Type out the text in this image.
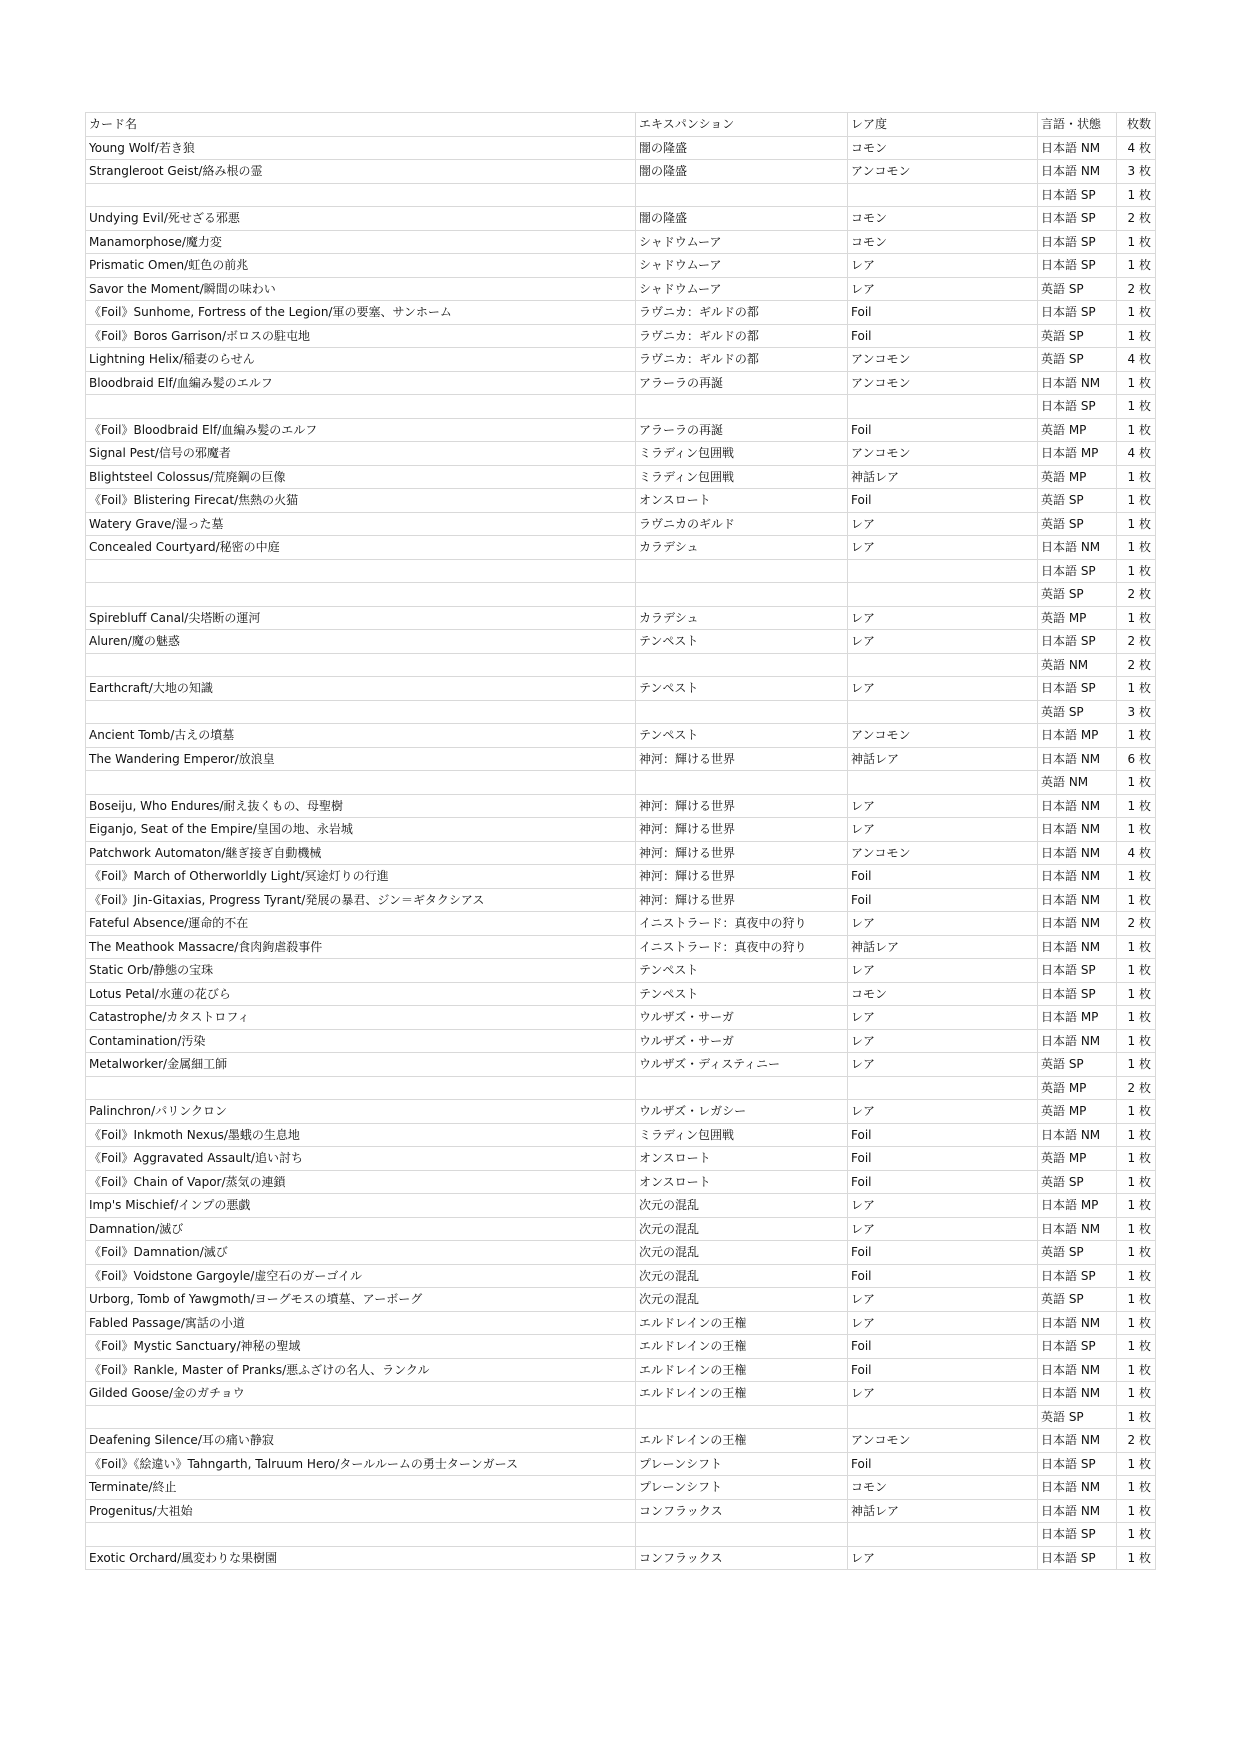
カード名	エキスパンション	レア度	言語・状態	枚数
Young Wolf/若き狼	闇の隆盛	コモン	日本語 NM	4 枚
Strangleroot Geist/絡み根の霊	闇の隆盛	アンコモン	日本語 NM	3 枚
			日本語 SP	1 枚
Undying Evil/死せざる邪悪	闇の隆盛	コモン	日本語 SP	2 枚
Manamorphose/魔力変	シャドウムーア	コモン	日本語 SP	1 枚
Prismatic Omen/虹色の前兆	シャドウムーア	レア	日本語 SP	1 枚
Savor the Moment/瞬間の味わい	シャドウムーア	レア	英語 SP	2 枚
《Foil》Sunhome, Fortress of the Legion/軍の要塞、サンホーム	ラヴニカ：ギルドの都	Foil	日本語 SP	1 枚
《Foil》Boros Garrison/ボロスの駐屯地	ラヴニカ：ギルドの都	Foil	英語 SP	1 枚
Lightning Helix/稲妻のらせん	ラヴニカ：ギルドの都	アンコモン	英語 SP	4 枚
Bloodbraid Elf/血編み髪のエルフ	アラーラの再誕	アンコモン	日本語 NM	1 枚
			日本語 SP	1 枚
《Foil》Bloodbraid Elf/血編み髪のエルフ	アラーラの再誕	Foil	英語 MP	1 枚
Signal Pest/信号の邪魔者	ミラディン包囲戦	アンコモン	日本語 MP	4 枚
Blightsteel Colossus/荒廃鋼の巨像	ミラディン包囲戦	神話レア	英語 MP	1 枚
《Foil》Blistering Firecat/焦熱の火猫	オンスロート	Foil	英語 SP	1 枚
Watery Grave/湿った墓	ラヴニカのギルド	レア	英語 SP	1 枚
Concealed Courtyard/秘密の中庭	カラデシュ	レア	日本語 NM	1 枚
			日本語 SP	1 枚
			英語 SP	2 枚
Spirebluff Canal/尖塔断の運河	カラデシュ	レア	英語 MP	1 枚
Aluren/魔の魅惑	テンペスト	レア	日本語 SP	2 枚
			英語 NM	2 枚
Earthcraft/大地の知識	テンペスト	レア	日本語 SP	1 枚
			英語 SP	3 枚
Ancient Tomb/古えの墳墓	テンペスト	アンコモン	日本語 MP	1 枚
The Wandering Emperor/放浪皇	神河：輝ける世界	神話レア	日本語 NM	6 枚
			英語 NM	1 枚
Boseiju, Who Endures/耐え抜くもの、母聖樹	神河：輝ける世界	レア	日本語 NM	1 枚
Eiganjo, Seat of the Empire/皇国の地、永岩城	神河：輝ける世界	レア	日本語 NM	1 枚
Patchwork Automaton/継ぎ接ぎ自動機械	神河：輝ける世界	アンコモン	日本語 NM	4 枚
《Foil》March of Otherworldly Light/冥途灯りの行進	神河：輝ける世界	Foil	日本語 NM	1 枚
《Foil》Jin-Gitaxias, Progress Tyrant/発展の暴君、ジン＝ギタクシアス	神河：輝ける世界	Foil	日本語 NM	1 枚
Fateful Absence/運命的不在	イニストラード：真夜中の狩り	レア	日本語 NM	2 枚
The Meathook Massacre/食肉鉤虐殺事件	イニストラード：真夜中の狩り	神話レア	日本語 NM	1 枚
Static Orb/静態の宝珠	テンペスト	レア	日本語 SP	1 枚
Lotus Petal/水蓮の花びら	テンペスト	コモン	日本語 SP	1 枚
Catastrophe/カタストロフィ	ウルザズ・サーガ	レア	日本語 MP	1 枚
Contamination/汚染	ウルザズ・サーガ	レア	日本語 NM	1 枚
Metalworker/金属細工師	ウルザズ・ディスティニー	レア	英語 SP	1 枚
			英語 MP	2 枚
Palinchron/パリンクロン	ウルザズ・レガシー	レア	英語 MP	1 枚
《Foil》Inkmoth Nexus/墨蛾の生息地	ミラディン包囲戦	Foil	日本語 NM	1 枚
《Foil》Aggravated Assault/追い討ち	オンスロート	Foil	英語 MP	1 枚
《Foil》Chain of Vapor/蒸気の連鎖	オンスロート	Foil	英語 SP	1 枚
Imp's Mischief/インプの悪戯	次元の混乱	レア	日本語 MP	1 枚
Damnation/滅び	次元の混乱	レア	日本語 NM	1 枚
《Foil》Damnation/滅び	次元の混乱	Foil	英語 SP	1 枚
《Foil》Voidstone Gargoyle/虚空石のガーゴイル	次元の混乱	Foil	日本語 SP	1 枚
Urborg, Tomb of Yawgmoth/ヨーグモスの墳墓、アーボーグ	次元の混乱	レア	英語 SP	1 枚
Fabled Passage/寓話の小道	エルドレインの王権	レア	日本語 NM	1 枚
《Foil》Mystic Sanctuary/神秘の聖域	エルドレインの王権	Foil	日本語 SP	1 枚
《Foil》Rankle, Master of Pranks/悪ふざけの名人、ランクル	エルドレインの王権	Foil	日本語 NM	1 枚
Gilded Goose/金のガチョウ	エルドレインの王権	レア	日本語 NM	1 枚
			英語 SP	1 枚
Deafening Silence/耳の痛い静寂	エルドレインの王権	アンコモン	日本語 NM	2 枚
《Foil》《絵違い》Tahngarth, Talruum Hero/タールルームの勇士ターンガース	プレーンシフト	Foil	日本語 SP	1 枚
Terminate/終止	プレーンシフト	コモン	日本語 NM	1 枚
Progenitus/大祖始	コンフラックス	神話レア	日本語 NM	1 枚
			日本語 SP	1 枚
Exotic Orchard/風変わりな果樹園	コンフラックス	レア	日本語 SP	1 枚
